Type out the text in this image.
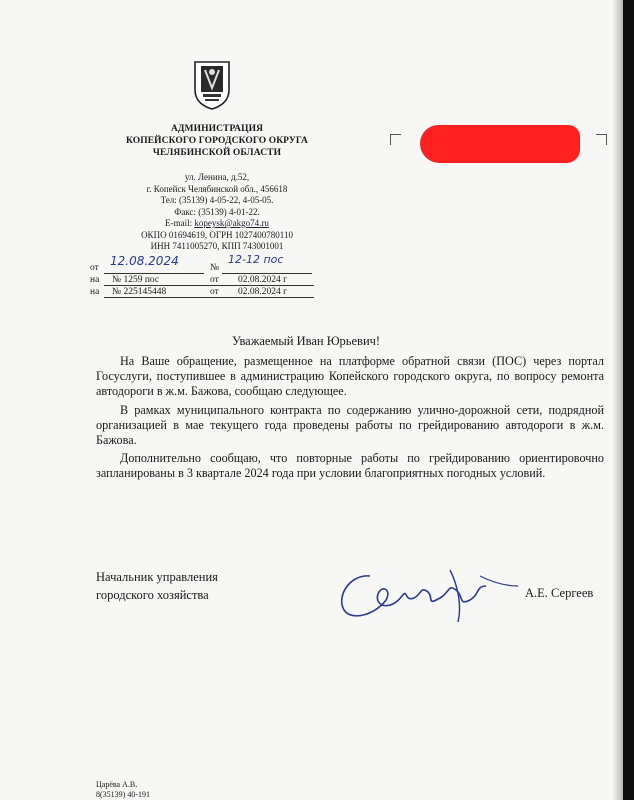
АДМИНИСТРАЦИЯ
КОПЕЙСКОГО ГОРОДСКОГО ОКРУГА
ЧЕЛЯБИНСКОЙ ОБЛАСТИ
ул. Ленина, д.52,
г. Копейск Челябинской обл., 456618
Тел: (35139) 4-05-22, 4-05-05.
Факс: (35139) 4-01-22.
E-mail: kopeysk@akgo74.ru
ОКПО 01694619, ОГРН 1027400780110
ИНН 7411005270, КПП 743001001
от	№
12.08.2024	12-12 пос
на № 1259 пос	от 02.08.2024 г
на № 225145448	от 02.08.2024 г
Уважаемый Иван Юрьевич!

На Ваше обращение, размещенное на платформе обратной связи (ПОС) через портал Госуслуги, поступившее в администрацию Копейского городского округа, по вопросу ремонта автодороги в ж.м. Бажова, сообщаю следующее.

В рамках муниципального контракта по содержанию улично-дорожной сети, подрядной организацией в мае текущего года проведены работы по грейдированию автодороги в ж.м. Бажова.

Дополнительно сообщаю, что повторные работы по грейдированию ориентировочно запланированы в 3 квартале 2024 года при условии благоприятных погодных условий.

Начальник управления
городского хозяйства	А.Е. Сергеев
Царёва А.В.
8(35139) 40-191
